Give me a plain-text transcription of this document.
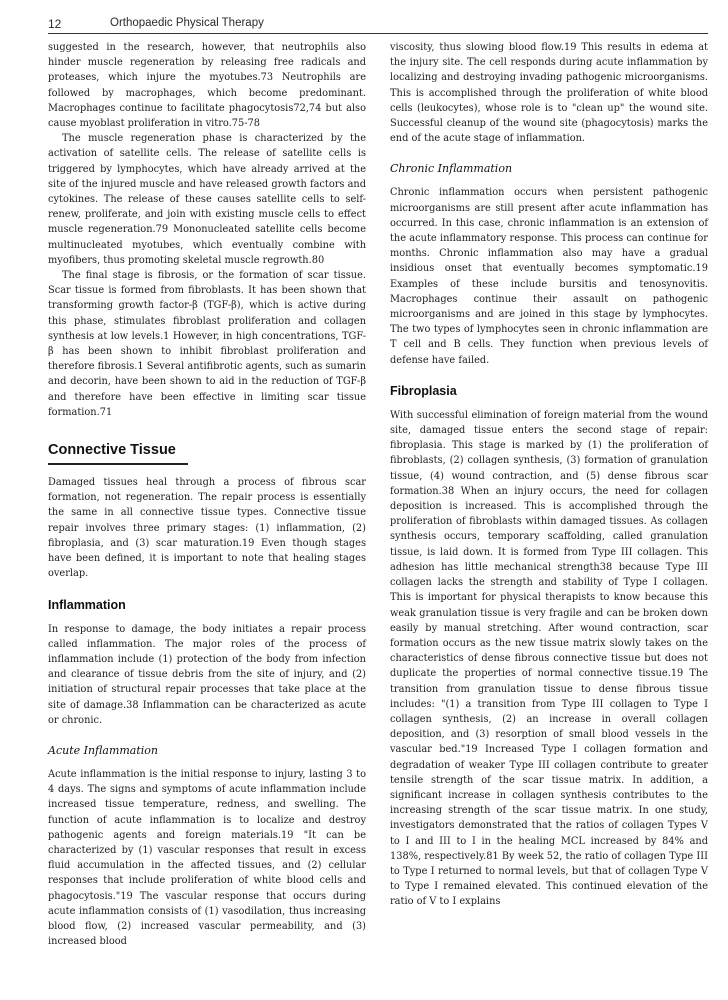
12	Orthopaedic Physical Therapy

suggested in the research, however, that neutrophils also hinder muscle regeneration by releasing free radicals and proteases, which injure the myotubes.73 Neutrophils are followed by macrophages, which become predominant. Macrophages continue to facilitate phagocytosis72,74 but also cause myoblast proliferation in vitro.75-78

The muscle regeneration phase is characterized by the activation of satellite cells. The release of satellite cells is triggered by lymphocytes, which have already arrived at the site of the injured muscle and have released growth factors and cytokines. The release of these causes satellite cells to self-renew, proliferate, and join with existing muscle cells to effect muscle regeneration.79 Mononucleated satellite cells become multinucleated myotubes, which eventually combine with myofibers, thus promoting skeletal muscle regrowth.80

The final stage is fibrosis, or the formation of scar tissue. Scar tissue is formed from fibroblasts. It has been shown that transforming growth factor-β (TGF-β), which is active during this phase, stimulates fibroblast proliferation and collagen synthesis at low levels.1 However, in high concentrations, TGF-β has been shown to inhibit fibroblast proliferation and therefore fibrosis.1 Several antifibrotic agents, such as sumarin and decorin, have been shown to aid in the reduction of TGF-β and therefore have been effective in limiting scar tissue formation.71

Connective Tissue

Damaged tissues heal through a process of fibrous scar formation, not regeneration. The repair process is essentially the same in all connective tissue types. Connective tissue repair involves three primary stages: (1) inflammation, (2) fibroplasia, and (3) scar maturation.19 Even though stages have been defined, it is important to note that healing stages overlap.

Inflammation

In response to damage, the body initiates a repair process called inflammation. The major roles of the process of inflammation include (1) protection of the body from infection and clearance of tissue debris from the site of injury, and (2) initiation of structural repair processes that take place at the site of damage.38 Inflammation can be characterized as acute or chronic.

Acute Inflammation

Acute inflammation is the initial response to injury, lasting 3 to 4 days. The signs and symptoms of acute inflammation include increased tissue temperature, redness, and swelling. The function of acute inflammation is to localize and destroy pathogenic agents and foreign materials.19 "It can be characterized by (1) vascular responses that result in excess fluid accumulation in the affected tissues, and (2) cellular responses that include proliferation of white blood cells and phagocytosis."19 The vascular response that occurs during acute inflammation consists of (1) vasodilation, thus increasing blood flow, (2) increased vascular permeability, and (3) increased blood

viscosity, thus slowing blood flow.19 This results in edema at the injury site. The cell responds during acute inflammation by localizing and destroying invading pathogenic microorganisms. This is accomplished through the proliferation of white blood cells (leukocytes), whose role is to "clean up" the wound site. Successful cleanup of the wound site (phagocytosis) marks the end of the acute stage of inflammation.

Chronic Inflammation

Chronic inflammation occurs when persistent pathogenic microorganisms are still present after acute inflammation has occurred. In this case, chronic inflammation is an extension of the acute inflammatory response. This process can continue for months. Chronic inflammation also may have a gradual insidious onset that eventually becomes symptomatic.19 Examples of these include bursitis and tenosynovitis. Macrophages continue their assault on pathogenic microorganisms and are joined in this stage by lymphocytes. The two types of lymphocytes seen in chronic inflammation are T cell and B cells. They function when previous levels of defense have failed.

Fibroplasia

With successful elimination of foreign material from the wound site, damaged tissue enters the second stage of repair: fibroplasia. This stage is marked by (1) the proliferation of fibroblasts, (2) collagen synthesis, (3) formation of granulation tissue, (4) wound contraction, and (5) dense fibrous scar formation.38 When an injury occurs, the need for collagen deposition is increased. This is accomplished through the proliferation of fibroblasts within damaged tissues. As collagen synthesis occurs, temporary scaffolding, called granulation tissue, is laid down. It is formed from Type III collagen. This adhesion has little mechanical strength38 because Type III collagen lacks the strength and stability of Type I collagen. This is important for physical therapists to know because this weak granulation tissue is very fragile and can be broken down easily by manual stretching. After wound contraction, scar formation occurs as the new tissue matrix slowly takes on the characteristics of dense fibrous connective tissue but does not duplicate the properties of normal connective tissue.19 The transition from granulation tissue to dense fibrous tissue includes: "(1) a transition from Type III collagen to Type I collagen synthesis, (2) an increase in overall collagen deposition, and (3) resorption of small blood vessels in the vascular bed."19 Increased Type I collagen formation and degradation of weaker Type III collagen contribute to greater tensile strength of the scar tissue matrix. In addition, a significant increase in collagen synthesis contributes to the increasing strength of the scar tissue matrix. In one study, investigators demonstrated that the ratios of collagen Types V to I and III to I in the healing MCL increased by 84% and 138%, respectively.81 By week 52, the ratio of collagen Type III to Type I returned to normal levels, but that of collagen Type V to Type I remained elevated. This continued elevation of the ratio of V to I explains
